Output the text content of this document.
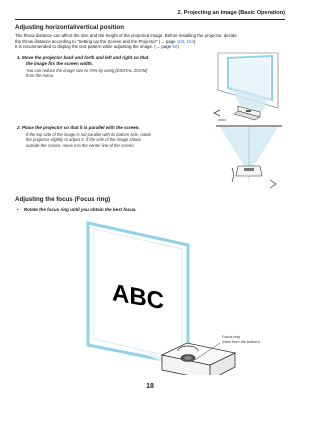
2. Projecting an Image (Basic Operation)
Adjusting horizontal/vertical position
The throw distance can affect the size and the height of the projected image. Before installing the projector, decide
the throw distance according to “Setting Up the Screen and the Projector” (→ page 103, 104)
It is recommended to display the test pattern while adjusting the image. (→ page 92)
1. Move the projector back and forth and left and right so that
the image fits the screen width.
You can reduce the image size to 70% by using [DIGITAL ZOOM]
from the menu.
2. Place the projector so that it is parallel with the screen.
If the top side of the image is not parallel with its bottom side, rotate
the projector slightly to adjust it. If the side of the image shows
outside the screen, move it to the center line of the screen.
Adjusting the focus (Focus ring)
• Rotate the focus ring until you obtain the best focus.
ABC
Focus ring
(view from the bottom)
18
